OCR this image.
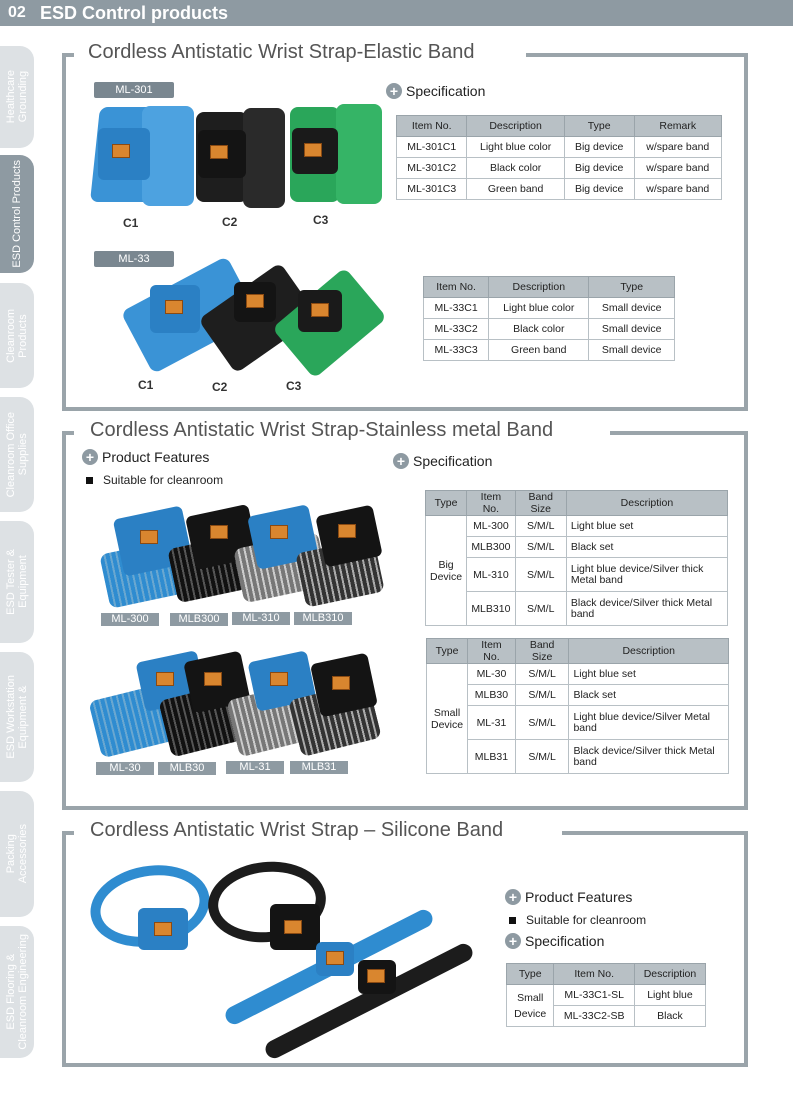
02 ESD Control products
Healthcare
Grounding
ESD Control Products
Cleanroom
Products
Cleanroom Office
Supplies
ESD Tester &
Equipment
ESD Workstation
Equipment &
Packing
Accessories
ESD Flooring &
Cleanroom Engineering
Cordless Antistatic Wrist Strap-Elastic Band
ML-301
C1	C2	C3
+ Specification
Item No.	Description	Type	Remark
ML-301C1	Light blue color	Big device	w/spare band
ML-301C2	Black color	Big device	w/spare band
ML-301C3	Green band	Big device	w/spare band
ML-33
C1	C2	C3
Item No.	Description	Type
ML-33C1	Light blue color	Small device
ML-33C2	Black color	Small device
ML-33C3	Green band	Small device
Cordless Antistatic Wrist Strap-Stainless metal Band
+ Product Features
Suitable for cleanroom
+ Specification
ML-300	MLB300	ML-310	MLB310
ML-30	MLB30	ML-31	MLB31
Type	Item No.	Band Size	Description
Big
Device	ML-300	S/M/L	Light blue set
	MLB300	S/M/L	Black set
	ML-310	S/M/L	Light blue device/Silver thick Metal band
	MLB310	S/M/L	Black device/Silver thick Metal band
Type	Item No.	Band Size	Description
Small
Device	ML-30	S/M/L	Light blue set
	MLB30	S/M/L	Black set
	ML-31	S/M/L	Light blue device/Silver Metal band
	MLB31	S/M/L	Black device/Silver thick Metal band
Cordless Antistatic Wrist Strap – Silicone Band
+ Product Features
Suitable for cleanroom
+ Specification
Type	Item No.	Description
Small
Device	ML-33C1-SL	Light blue
	ML-33C2-SB	Black
